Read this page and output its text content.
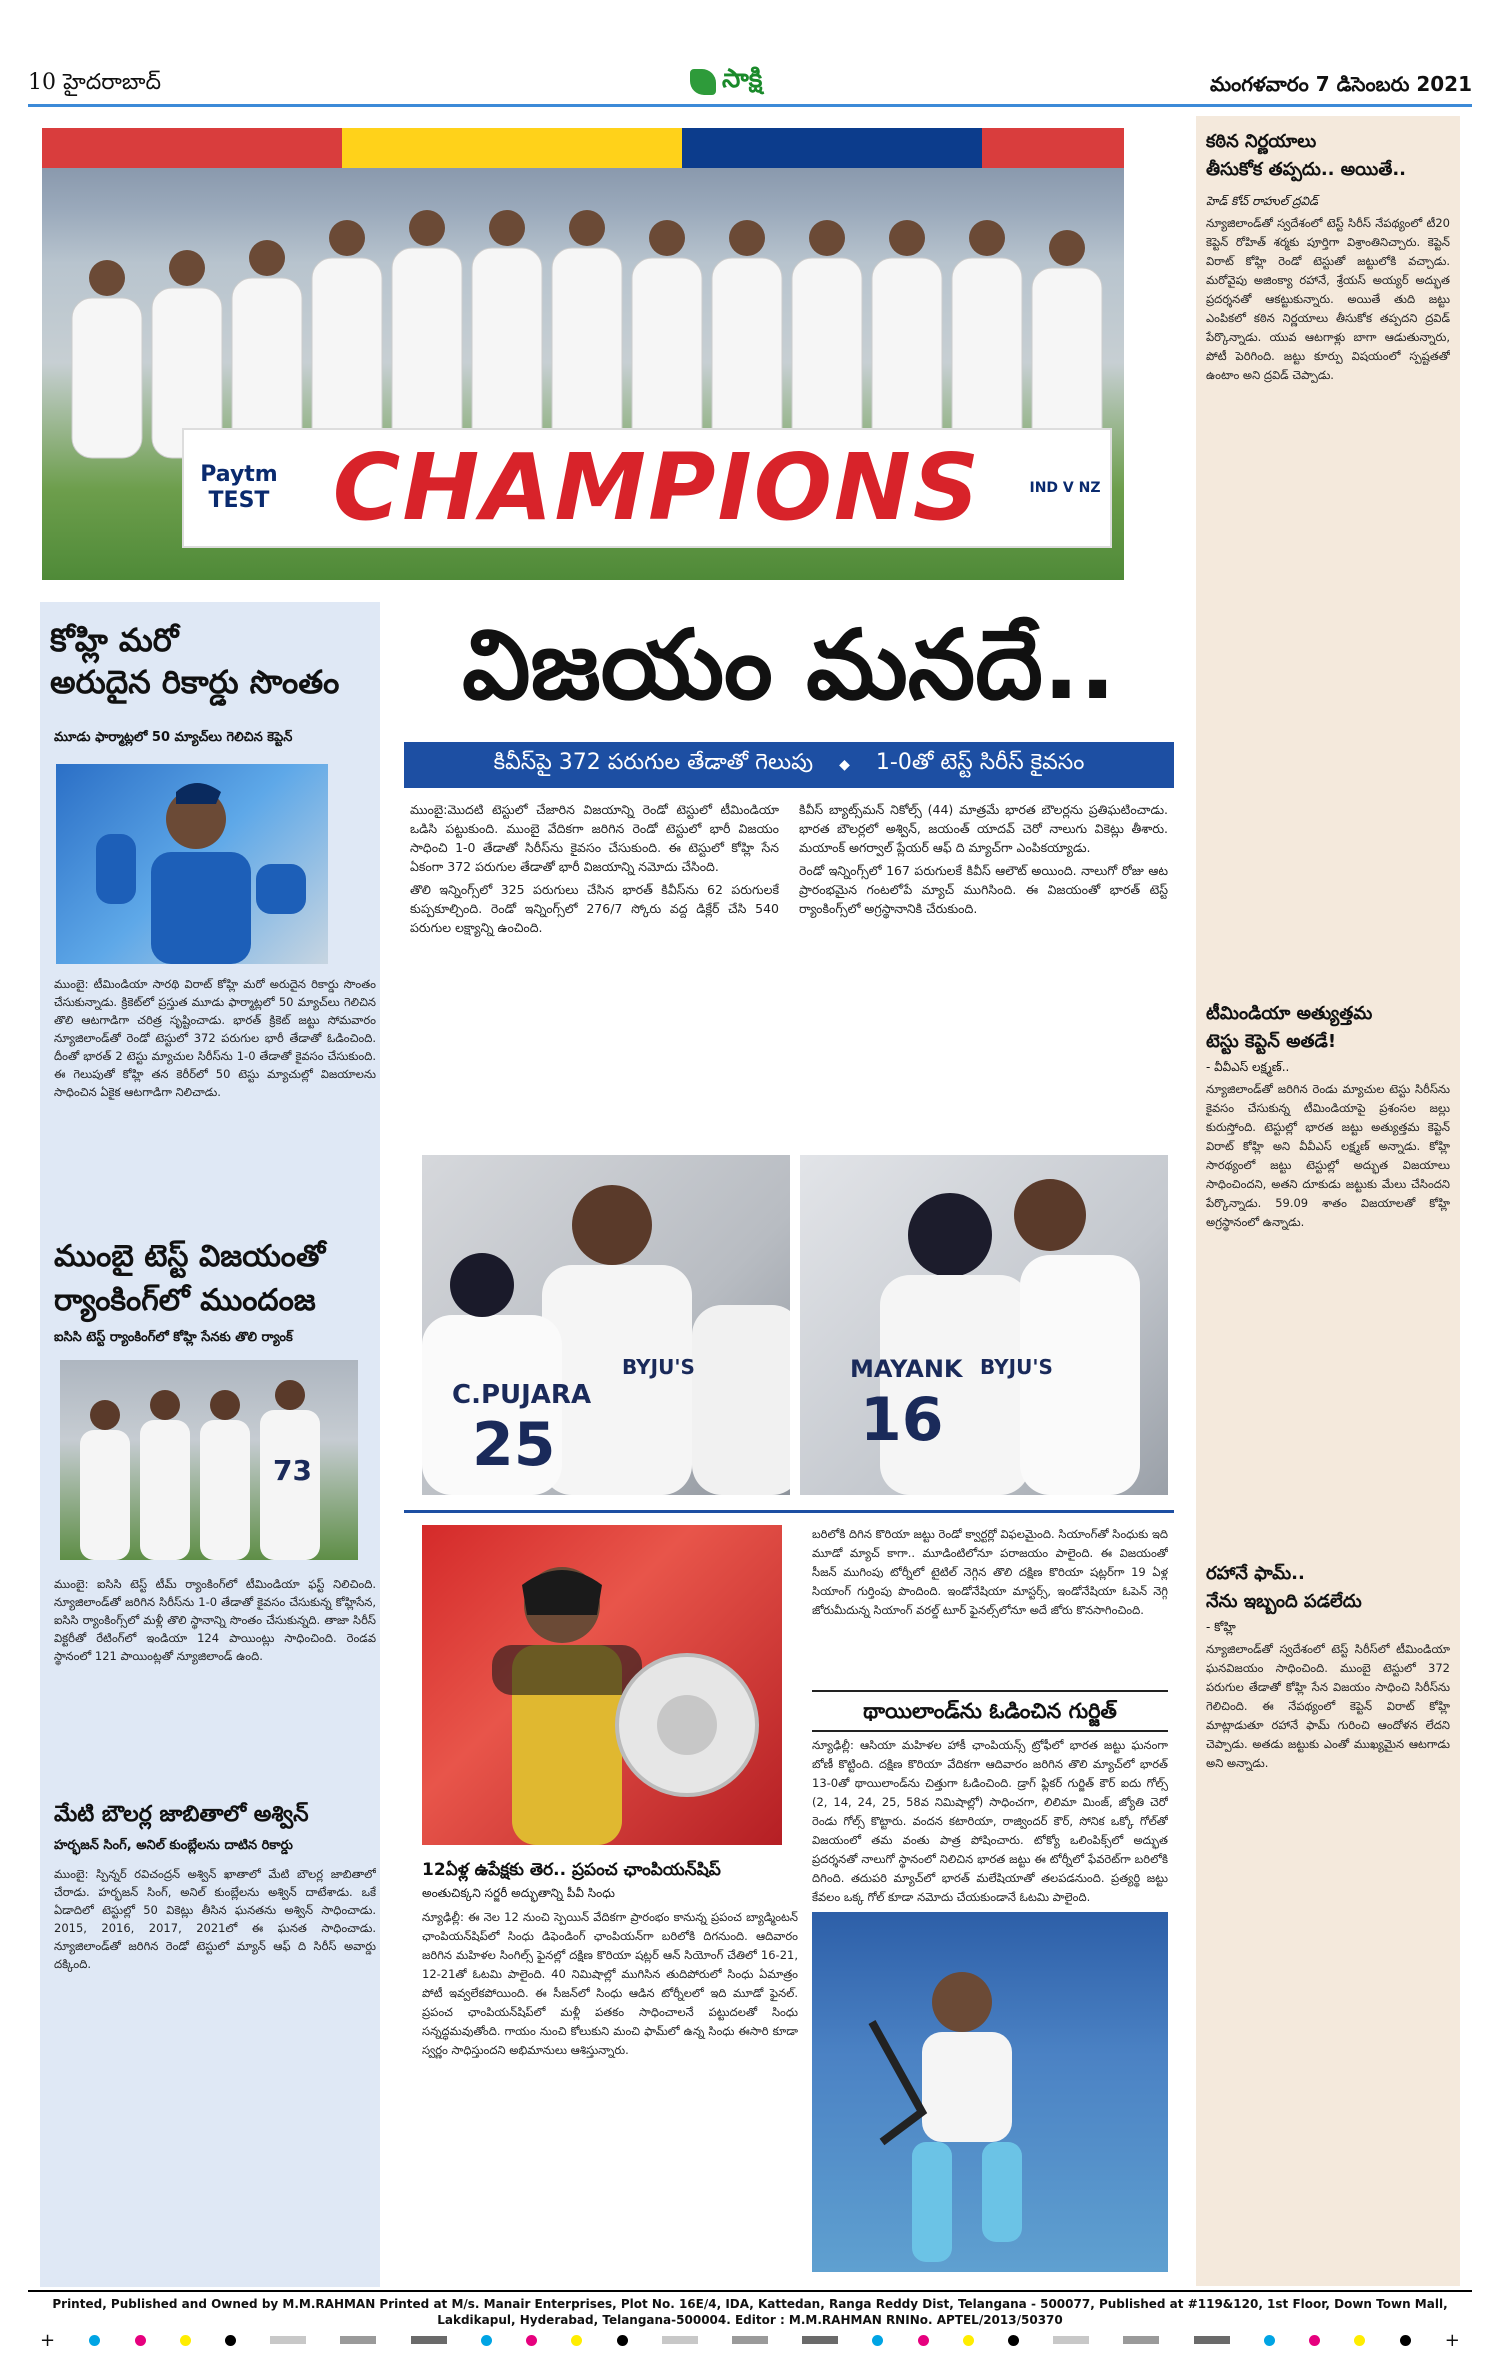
10 హైదరాబాద్	సాక్షి	మంగళవారం 7 డిసెంబరు 2021
Paytm TEST CHAMPIONS	IND V NZ
విజయం మనదే..
కివీస్‌పై 372 పరుగుల తేడాతో గెలుపు ◆ 1-0తో టెస్ట్ సిరీస్ కైవసం

ముంబై:మొదటి టెస్టులో చేజారిన విజయాన్ని రెండో టెస్టులో టీమిండియా ఒడిసి పట్టుకుంది. ముంబై వేదికగా జరిగిన రెండో టెస్టులో భారీ విజయం సాధించి 1-0 తేడాతో సిరీస్‌ను కైవసం చేసుకుంది. ఈ టెస్టులో కోహ్లి సేన ఏకంగా 372 పరుగుల తేడాతో భారీ విజయాన్ని నమోదు చేసింది.

తొలి ఇన్నింగ్స్‌లో 325 పరుగులు చేసిన భారత్ కివీస్‌ను 62 పరుగులకే కుప్పకూల్చింది. రెండో ఇన్నింగ్స్‌లో 276/7 స్కోరు వద్ద డిక్లేర్ చేసి 540 పరుగుల లక్ష్యాన్ని ఉంచింది.

కివీస్ బ్యాట్స్‌మన్ నికోల్స్ (44) మాత్రమే భారత బౌలర్లను ప్రతిఘటించాడు. భారత బౌలర్లలో అశ్విన్, జయంత్ యాదవ్ చెరో నాలుగు వికెట్లు తీశారు. మయాంక్ అగర్వాల్ ప్లేయర్ ఆఫ్ ది మ్యాచ్‌గా ఎంపికయ్యాడు.

రెండో ఇన్నింగ్స్‌లో 167 పరుగులకే కివీస్ ఆలౌట్ అయింది. నాలుగో రోజు ఆట ప్రారంభమైన గంటలోపే మ్యాచ్ ముగిసింది. ఈ విజయంతో భారత్ టెస్ట్ ర్యాంకింగ్స్‌లో అగ్రస్థానానికి చేరుకుంది.

C.PUJARA
25
BYJU'S	MAYANK
16
BYJU'S
కోహ్లి మరో
అరుదైన రికార్డు సొంతం
మూడు ఫార్మాట్లలో 50 మ్యాచ్‌లు గెలిచిన కెప్టెన్
ముంబై: టీమిండియా సారథి విరాట్ కోహ్లి మరో అరుదైన రికార్డు సొంతం చేసుకున్నాడు. క్రికెట్‌లో ప్రస్తుత మూడు ఫార్మాట్లలో 50 మ్యాచ్‌లు గెలిచిన తొలి ఆటగాడిగా చరిత్ర సృష్టించాడు. భారత్ క్రికెట్ జట్టు సోమవారం న్యూజిలాండ్‌తో రెండో టెస్టులో 372 పరుగుల భారీ తేడాతో ఓడించింది. దీంతో భారత్ 2 టెస్టు మ్యాచుల సిరీస్‌ను 1-0 తేడాతో కైవసం చేసుకుంది. ఈ గెలుపుతో కోహ్లి తన కెరీర్‌లో 50 టెస్టు మ్యాచుల్లో విజయాలను సాధించిన ఏకైక ఆటగాడిగా నిలిచాడు.
ముంబై టెస్ట్ విజయంతో
ర్యాంకింగ్‌లో ముందంజ
ఐసిసి టెస్ట్ ర్యాంకింగ్‌లో కోహ్లి సేనకు తొలి ర్యాంక్
73
ముంబై: ఐసిసి టెస్ట్ టీమ్ ర్యాంకింగ్‌లో టీమిండియా ఫస్ట్ నిలిచింది. న్యూజిలాండ్‌తో జరిగిన సిరీస్‌ను 1-0 తేడాతో కైవసం చేసుకున్న కోహ్లిసేన, ఐసిసి ర్యాంకింగ్స్‌లో మళ్లీ తొలి స్థానాన్ని సొంతం చేసుకున్నది. తాజా సిరీస్ విక్టరీతో రేటింగ్‌లో ఇండియా 124 పాయింట్లు సాధించింది. రెండవ స్థానంలో 121 పాయింట్లతో న్యూజిలాండ్ ఉంది.
మేటి బౌలర్ల జాబితాలో అశ్విన్
హర్భజన్ సింగ్, అనిల్ కుంబ్లేలను దాటిన రికార్డు
ముంబై: స్పిన్నర్ రవిచంద్రన్ అశ్విన్ ఖాతాలో మేటి బౌలర్ల జాబితాలో చేరాడు. హర్భజన్ సింగ్, అనిల్ కుంబ్లేలను అశ్విన్ దాటేశాడు. ఒకే ఏడాదిలో టెస్టుల్లో 50 వికెట్లు తీసిన ఘనతను అశ్విన్ సాధించాడు. 2015, 2016, 2017, 2021లో ఈ ఘనత సాధించాడు. న్యూజిలాండ్‌తో జరిగిన రెండో టెస్టులో మ్యాన్ ఆఫ్ ది సిరీస్ అవార్డు దక్కింది.
కఠిన నిర్ణయాలు
తీసుకోక తప్పదు.. అయితే..
హెడ్ కోచ్ రాహుల్ ద్రవిడ్
న్యూజిలాండ్‌తో స్వదేశంలో టెస్ట్ సిరీస్ నేపథ్యంలో టీ20 కెప్టెన్ రోహిత్ శర్మకు పూర్తిగా విశ్రాంతినిచ్చారు. కెప్టెన్ విరాట్ కోహ్లి రెండో టెస్టుతో జట్టులోకి వచ్చాడు. మరోవైపు అజింక్యా రహానే, శ్రేయస్ అయ్యర్ అద్భుత ప్రదర్శనతో ఆకట్టుకున్నారు. అయితే తుది జట్టు ఎంపికలో కఠిన నిర్ణయాలు తీసుకోక తప్పదని ద్రవిడ్ పేర్కొన్నాడు. యువ ఆటగాళ్లు బాగా ఆడుతున్నారు, పోటీ పెరిగింది. జట్టు కూర్పు విషయంలో స్పష్టతతో ఉంటాం అని ద్రవిడ్ చెప్పాడు.
టీమిండియా అత్యుత్తమ
టెస్టు కెప్టెన్ అతడే!
- వీవీఎస్ లక్ష్మణ్..
న్యూజిలాండ్‌తో జరిగిన రెండు మ్యాచుల టెస్టు సిరీస్‌ను కైవసం చేసుకున్న టీమిండియాపై ప్రశంసల జల్లు కురుస్తోంది. టెస్టుల్లో భారత జట్టు అత్యుత్తమ కెప్టెన్ విరాట్ కోహ్లి అని వీవీఎస్ లక్ష్మణ్ అన్నాడు. కోహ్లి సారథ్యంలో జట్టు టెస్టుల్లో అద్భుత విజయాలు సాధించిందని, అతని దూకుడు జట్టుకు మేలు చేసిందని పేర్కొన్నాడు. 59.09 శాతం విజయాలతో కోహ్లి అగ్రస్థానంలో ఉన్నాడు.
రహానే ఫామ్..
నేను ఇబ్బంది పడలేదు
- కోహ్లి
న్యూజిలాండ్‌తో స్వదేశంలో టెస్ట్ సిరీస్‌లో టీమిండియా ఘనవిజయం సాధించింది. ముంబై టెస్టులో 372 పరుగుల తేడాతో కోహ్లి సేన విజయం సాధించి సిరీస్‌ను గెలిచింది. ఈ నేపథ్యంలో కెప్టెన్ విరాట్ కోహ్లి మాట్లాడుతూ రహానే ఫామ్ గురించి ఆందోళన లేదని చెప్పాడు. అతడు జట్టుకు ఎంతో ముఖ్యమైన ఆటగాడు అని అన్నాడు.
12ఏళ్ల ఉపేక్షకు తెర.. ప్రపంచ ఛాంపియన్‌షిప్‌
అంతుచిక్కని సర్జరీ అద్భుతాన్ని పీవీ సింధు
న్యూఢిల్లీ: ఈ నెల 12 నుంచి స్పెయిన్ వేదికగా ప్రారంభం కానున్న ప్రపంచ బ్యాడ్మింటన్ ఛాంపియన్‌షిప్‌లో సింధు డిఫెండింగ్ ఛాంపియన్‌గా బరిలోకి దిగనుంది. ఆదివారం జరిగిన మహిళల సింగిల్స్ ఫైనల్లో దక్షిణ కొరియా షట్లర్ ఆన్ సియోంగ్ చేతిలో 16-21, 12-21తో ఓటమి పాలైంది. 40 నిమిషాల్లో ముగిసిన తుదిపోరులో సింధు ఏమాత్రం పోటీ ఇవ్వలేకపోయింది. ఈ సీజన్‌లో సింధు ఆడిన టోర్నీలలో ఇది మూడో ఫైనల్. ప్రపంచ ఛాంపియన్‌షిప్‌లో మళ్లీ పతకం సాధించాలనే పట్టుదలతో సింధు సన్నద్ధమవుతోంది. గాయం నుంచి కోలుకుని మంచి ఫామ్‌లో ఉన్న సింధు ఈసారి కూడా స్వర్ణం సాధిస్తుందని అభిమానులు ఆశిస్తున్నారు.
బరిలోకి దిగిన కొరియా జట్టు రెండో క్వార్టర్లో విఫలమైంది. సియాంగ్‌తో సింధుకు ఇది మూడో మ్యాచ్ కాగా.. మూడింటిలోనూ పరాజయం పాలైంది. ఈ విజయంతో సీజన్ ముగింపు టోర్నీలో టైటిల్ నెగ్గిన తొలి దక్షిణ కొరియా షట్లర్‌గా 19 ఏళ్ల సియాంగ్ గుర్తింపు పొందింది. ఇండోనేషియా మాస్టర్స్, ఇండోనేషియా ఓపెన్ నెగ్గి జోరుమీదున్న సియాంగ్ వరల్డ్ టూర్ ఫైనల్స్‌లోనూ అదే జోరు కొనసాగించింది.
థాయిలాండ్‌ను ఓడించిన గుర్జిత్
న్యూఢిల్లీ: ఆసియా మహిళల హాకీ ఛాంపియన్స్ ట్రోఫీలో భారత జట్టు ఘనంగా బోణీ కొట్టింది. దక్షిణ కొరియా వేదికగా ఆదివారం జరిగిన తొలి మ్యాచ్‌లో భారత్ 13-0తో థాయిలాండ్‌ను చిత్తుగా ఓడించింది. డ్రాగ్ ఫ్లికర్ గుర్జిత్ కౌర్ ఐదు గోల్స్ (2, 14, 24, 25, 58వ నిమిషాల్లో) సాధించగా, లిలిమా మింజ్, జ్యోతి చెరో రెండు గోల్స్ కొట్టారు. వందన కటారియా, రాజ్విందర్ కౌర్, సోనిక ఒక్కో గోల్‌తో విజయంలో తమ వంతు పాత్ర పోషించారు. టోక్యో ఒలింపిక్స్‌లో అద్భుత ప్రదర్శనతో నాలుగో స్థానంలో నిలిచిన భారత జట్టు ఈ టోర్నీలో ఫేవరెట్‌గా బరిలోకి దిగింది. తదుపరి మ్యాచ్‌లో భారత్ మలేషియాతో తలపడనుంది. ప్రత్యర్థి జట్టు కేవలం ఒక్క గోల్ కూడా నమోదు చేయకుండానే ఓటమి పాలైంది.
Printed, Published and Owned by M.M.RAHMAN Printed at M/s. Manair Enterprises, Plot No. 16E/4, IDA, Kattedan, Ranga Reddy Dist, Telangana - 500077, Published at #119&120, 1st Floor, Down Town Mall, Lakdikapul, Hyderabad, Telangana-500004. Editor : M.M.RAHMAN RNINo. APTEL/2013/50370
+	+
